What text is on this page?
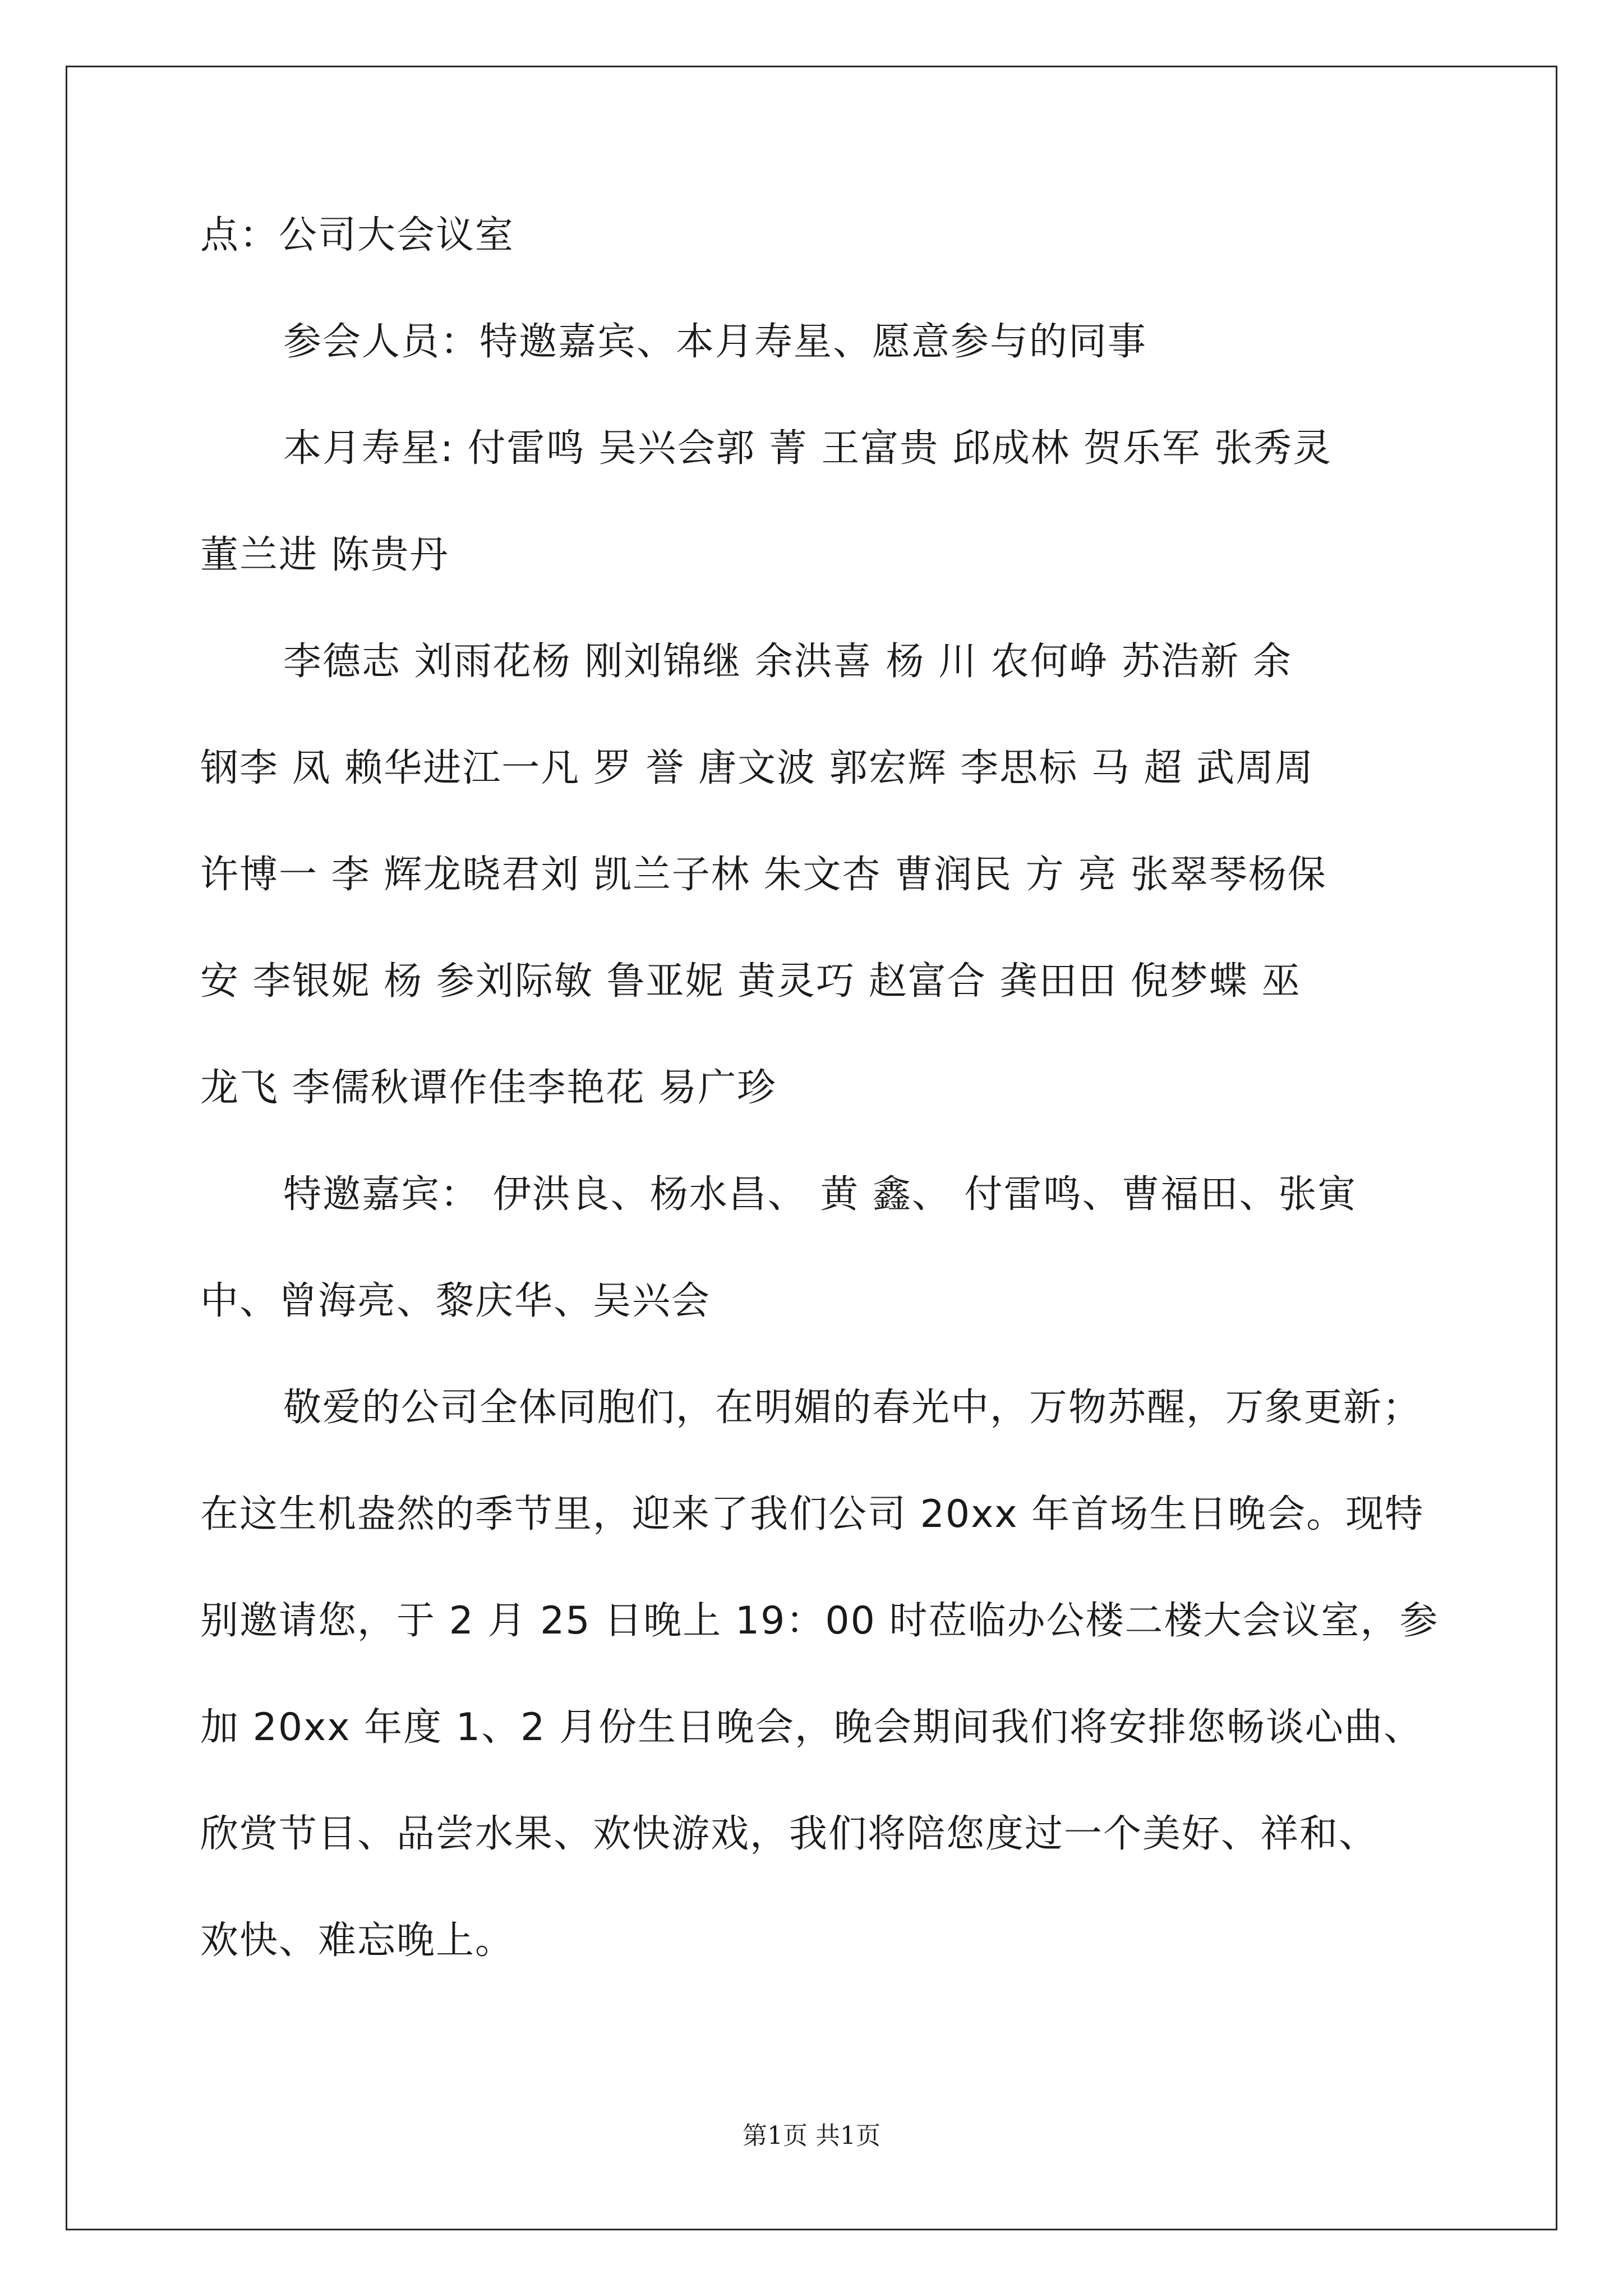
点：公司大会议室
参会人员：特邀嘉宾、本月寿星、愿意参与的同事
本月寿星: 付雷鸣 吴兴会郭 菁 王富贵 邱成林 贺乐军 张秀灵
董兰进 陈贵丹
李德志 刘雨花杨 刚刘锦继 余洪喜 杨 川 农何峥 苏浩新 余
钢李 凤 赖华进江一凡 罗 誉 唐文波 郭宏辉 李思标 马 超 武周周
许博一 李 辉龙晓君刘 凯兰子林 朱文杏 曹润民 方 亮 张翠琴杨保
安 李银妮 杨 参刘际敏 鲁亚妮 黄灵巧 赵富合 龚田田 倪梦蝶 巫
龙飞 李儒秋谭作佳李艳花 易广珍
特邀嘉宾： 伊洪良、杨水昌、 黄 鑫、 付雷鸣、曹福田、张寅
中、曾海亮、黎庆华、吴兴会
敬爱的公司全体同胞们，在明媚的春光中，万物苏醒，万象更新；
在这生机盎然的季节里，迎来了我们公司 20xx 年首场生日晚会。现特
别邀请您，于 2 月 25 日晚上 19：00 时莅临办公楼二楼大会议室，参
加 20xx 年度 1、2 月份生日晚会，晚会期间我们将安排您畅谈心曲、
欣赏节目、品尝水果、欢快游戏，我们将陪您度过一个美好、祥和、
欢快、难忘晚上。
第1页 共1页
